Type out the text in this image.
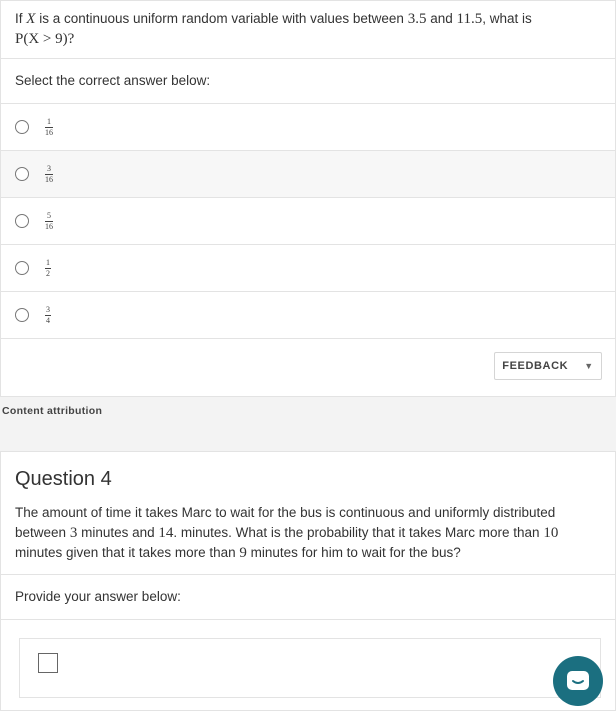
If X is a continuous uniform random variable with values between 3.5 and 11.5, what is
P(X > 9)?
Select the correct answer below:
$\frac{1}{16}$
$\frac{3}{16}$
$\frac{5}{16}$
$\frac{1}{2}$
$\frac{3}{4}$
FEEDBACK ▼
Content attribution
Question 4
The amount of time it takes Marc to wait for the bus is continuous and uniformly distributed between 3 minutes and 14. minutes. What is the probability that it takes Marc more than 10 minutes given that it takes more than 9 minutes for him to wait for the bus?
Provide your answer below:
